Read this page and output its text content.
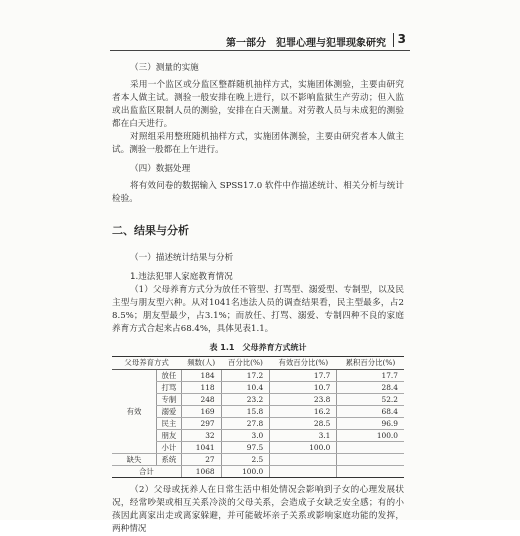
第一部分　犯罪心理与犯罪现象研究 3

（三）测量的实施

采用一个监区或分监区整群随机抽样方式，实施团体测验，主要由研究者本人做主试。测验一般安排在晚上进行，以不影响监狱生产劳动；但入监或出监监区限制人员的测验，安排在白天测量。对劳教人员与未成犯的测验都在白天进行。

对照组采用整班随机抽样方式，实施团体测验，主要由研究者本人做主试。测验一般都在上午进行。

（四）数据处理

将有效问卷的数据输入 SPSS17.0 软件中作描述统计、相关分析与统计检验。

二、结果与分析

（一）描述统计结果与分析

1.违法犯罪人家庭教育情况

（1）父母养育方式分为放任不管型、打骂型、溺爱型、专制型，以及民主型与朋友型六种。从对1041名违法人员的调查结果看，民主型最多，占28.5%；朋友型最少，占3.1%；而放任、打骂、溺爱、专制四种不良的家庭养育方式合起来占68.4%，具体见表1.1。

表 1.1　父母养育方式统计
父母养育方式		频数(人)	百分比(%)	有效百分比(%)	累积百分比(%)
有效	放任	184	17.2	17.7	17.7
	打骂	118	10.4	10.7	28.4
	专制	248	23.2	23.8	52.2
	溺爱	169	15.8	16.2	68.4
	民主	297	27.8	28.5	96.9
	朋友	32	3.0	3.1	100.0
	小计	1041	97.5	100.0	
缺失	系统	27	2.5		
合计		1068	100.0		

（2）父母或抚养人在日常生活中相处情况会影响到子女的心理发展状况，经常吵架或相互关系冷淡的父母关系，会造成子女缺乏安全感；有的小孩因此离家出走或离家躲避，并可能破坏亲子关系或影响家庭功能的发挥，两种情况
